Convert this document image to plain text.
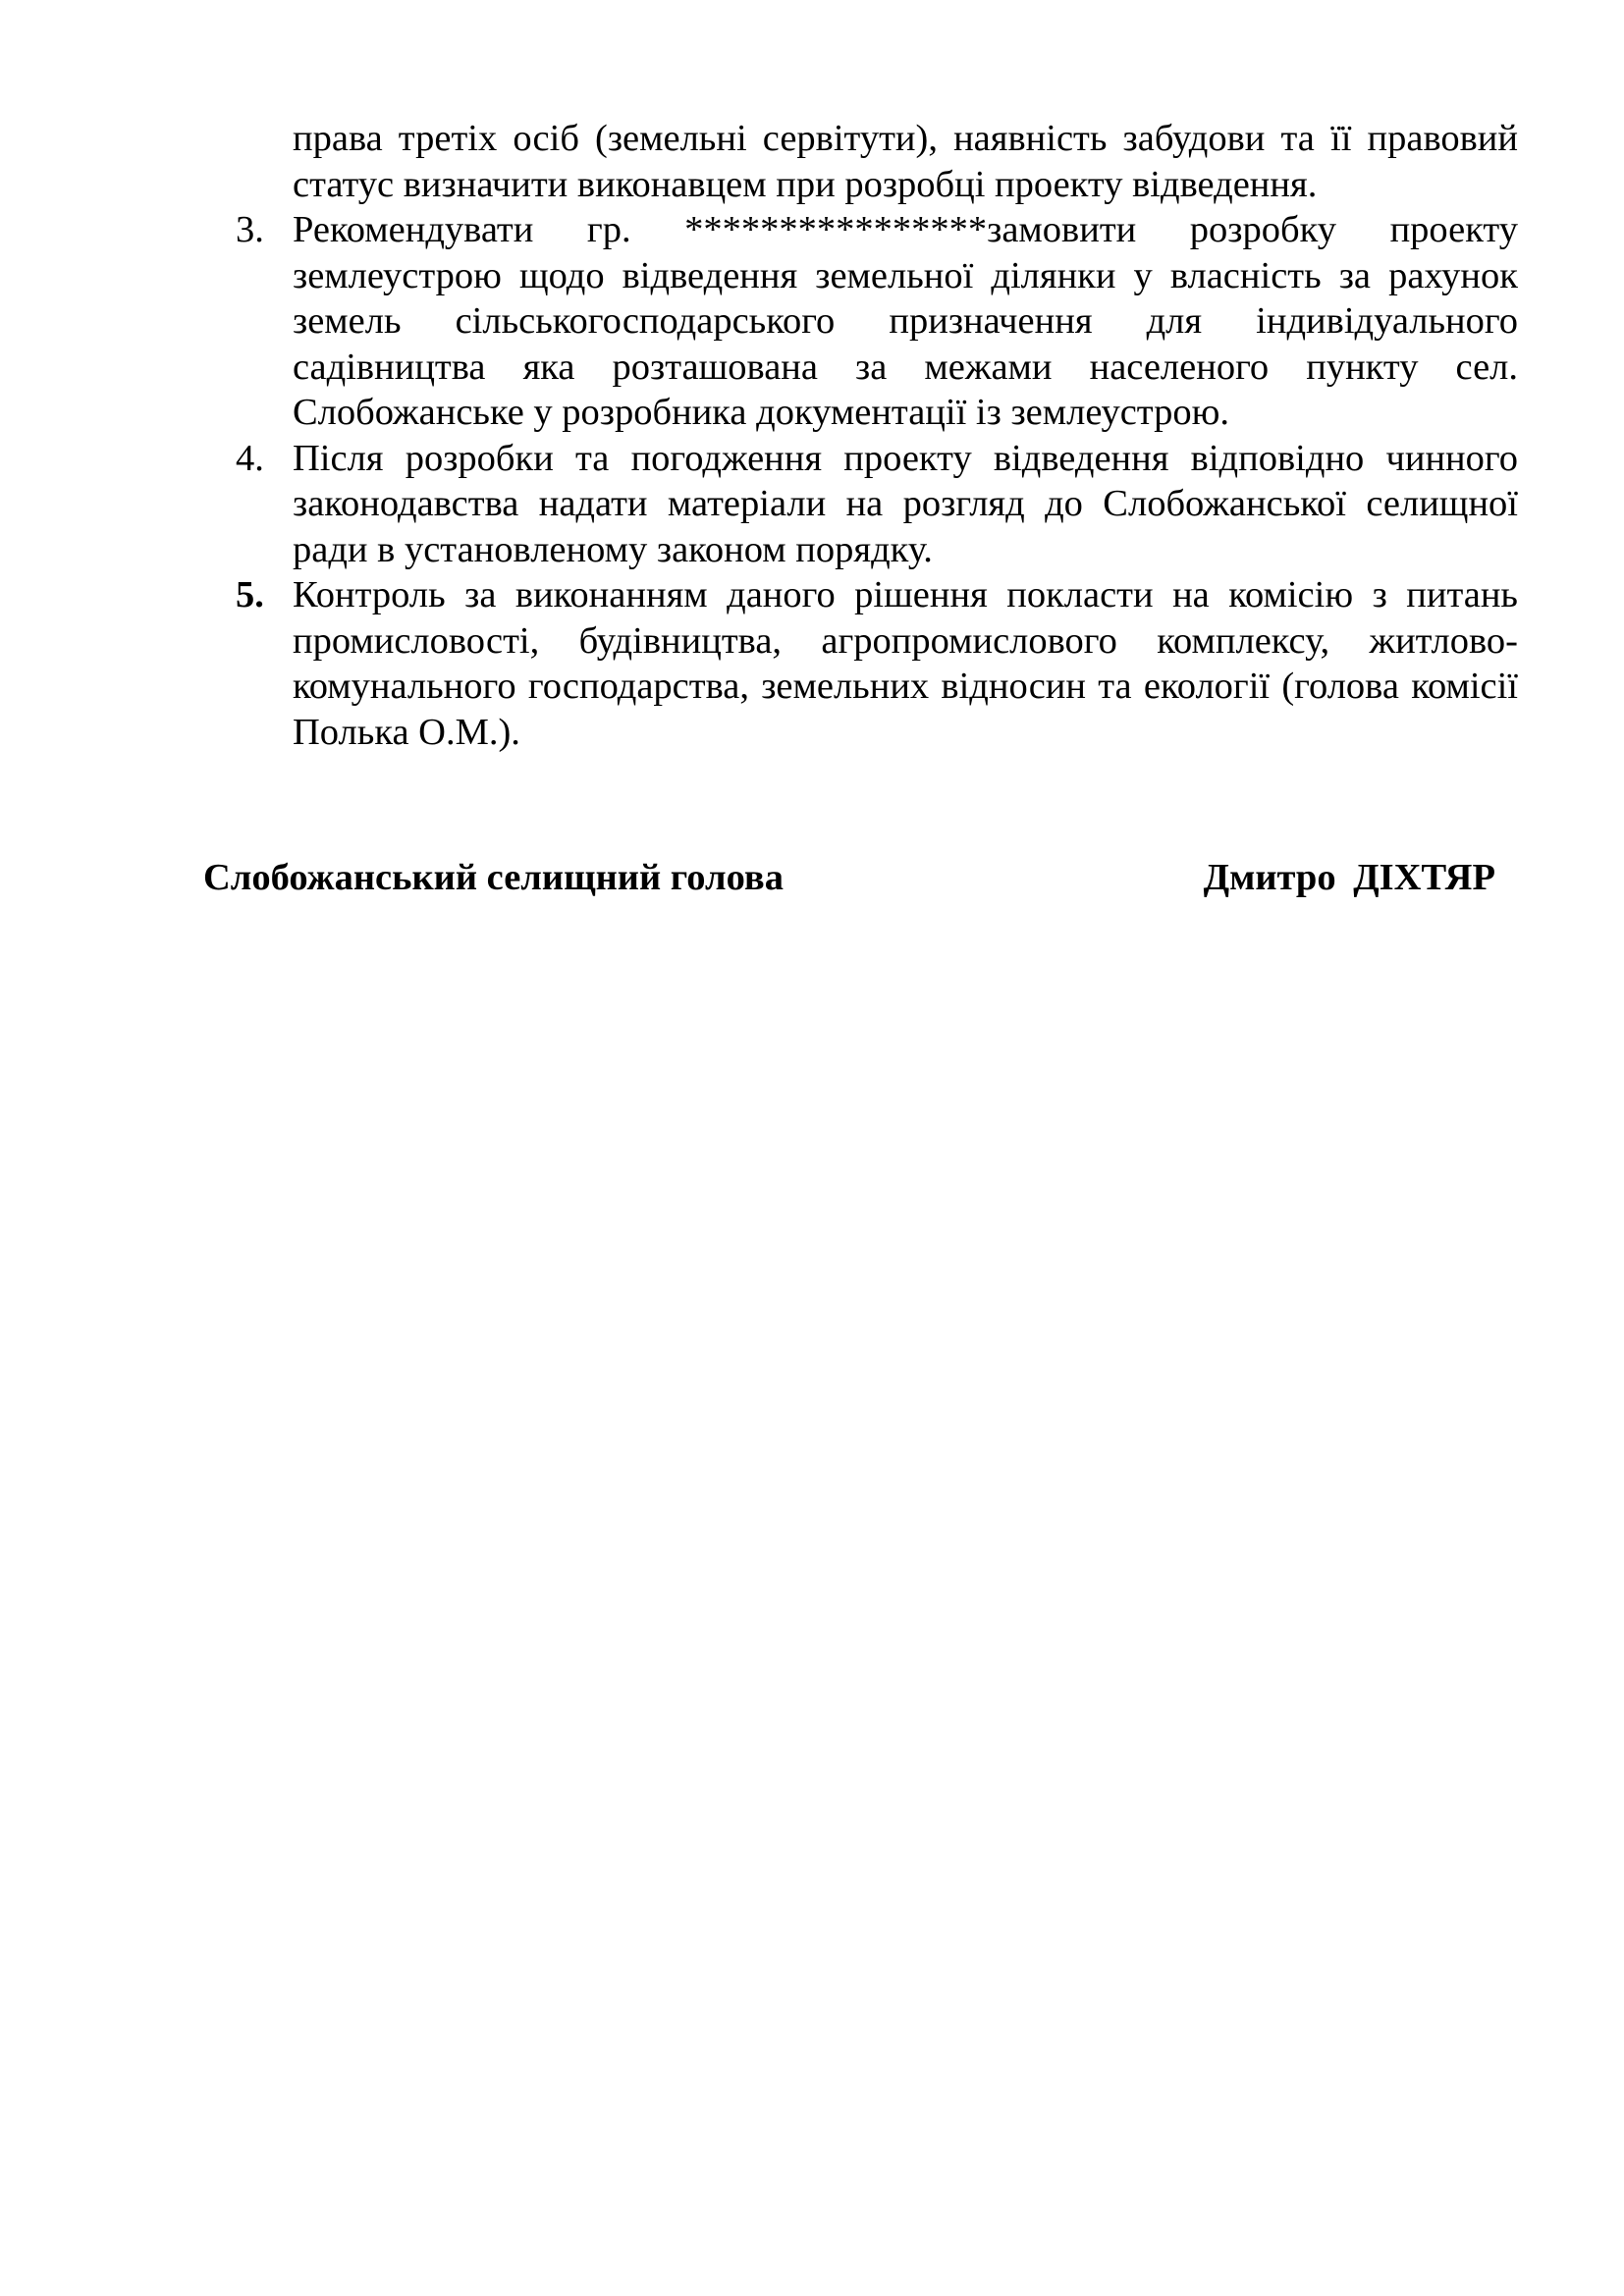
права третіх осіб (земельні сервітути), наявність забудови та її правовий статус визначити виконавцем при розробці проекту відведення.
3. Рекомендувати гр. ****************замовити розробку проекту землеустрою щодо відведення земельної ділянки у власність за рахунок земель сільськогосподарського призначення для індивідуального садівництва яка розташована за межами населеного пункту сел. Слобожанське у розробника документації із землеустрою.
4. Після розробки та погодження проекту відведення відповідно чинного законодавства надати матеріали на розгляд до Слобожанської селищної ради в установленому законом порядку.
5. Контроль за виконанням даного рішення покласти на комісію з питань промисловості, будівництва, агропромислового комплексу, житлово-комунального господарства, земельних відносин та екології (голова комісії Полька О.М.).
Слобожанський селищний голова	Дмитро ДІХТЯР
